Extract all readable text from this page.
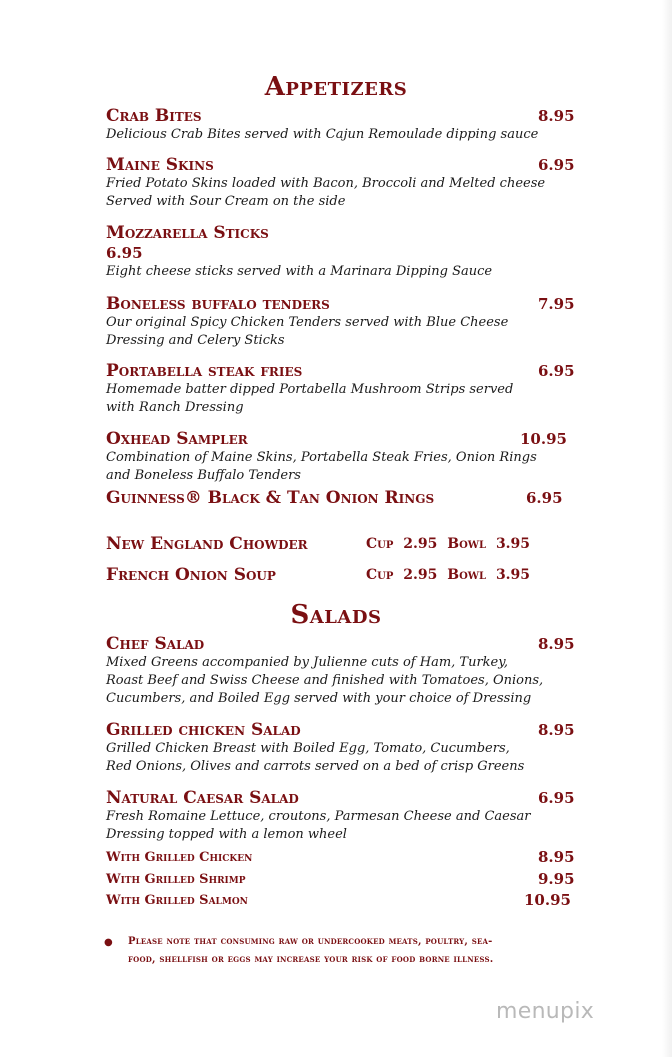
Appetizers
Crab Bites	8.95
Delicious Crab Bites served with Cajun Remoulade dipping sauce
Maine Skins	6.95
Fried Potato Skins loaded with Bacon, Broccoli and Melted cheese
Served with Sour Cream on the side
Mozzarella Sticks
6.95
Eight cheese sticks served with a Marinara Dipping Sauce
Boneless buffalo tenders	7.95
Our original Spicy Chicken Tenders served with Blue Cheese
Dressing and Celery Sticks
Portabella steak fries	6.95
Homemade batter dipped Portabella Mushroom Strips served
with Ranch Dressing
Oxhead Sampler	10.95
Combination of Maine Skins, Portabella Steak Fries, Onion Rings
and Boneless Buffalo Tenders
Guinness® Black & Tan Onion Rings	6.95
New England Chowder	Cup 2.95 Bowl 3.95
French Onion Soup	Cup 2.95 Bowl 3.95
Salads
Chef Salad	8.95
Mixed Greens accompanied by Julienne cuts of Ham, Turkey,
Roast Beef and Swiss Cheese and finished with Tomatoes, Onions,
Cucumbers, and Boiled Egg served with your choice of Dressing
Grilled chicken Salad	8.95
Grilled Chicken Breast with Boiled Egg, Tomato, Cucumbers,
Red Onions, Olives and carrots served on a bed of crisp Greens
Natural Caesar Salad	6.95
Fresh Romaine Lettuce, croutons, Parmesan Cheese and Caesar
Dressing topped with a lemon wheel
With Grilled Chicken	8.95
With Grilled Shrimp	9.95
With Grilled Salmon	10.95
● Please note that consuming raw or undercooked meats, poultry, sea-
food, shellfish or eggs may increase your risk of food borne illness.
menupix
